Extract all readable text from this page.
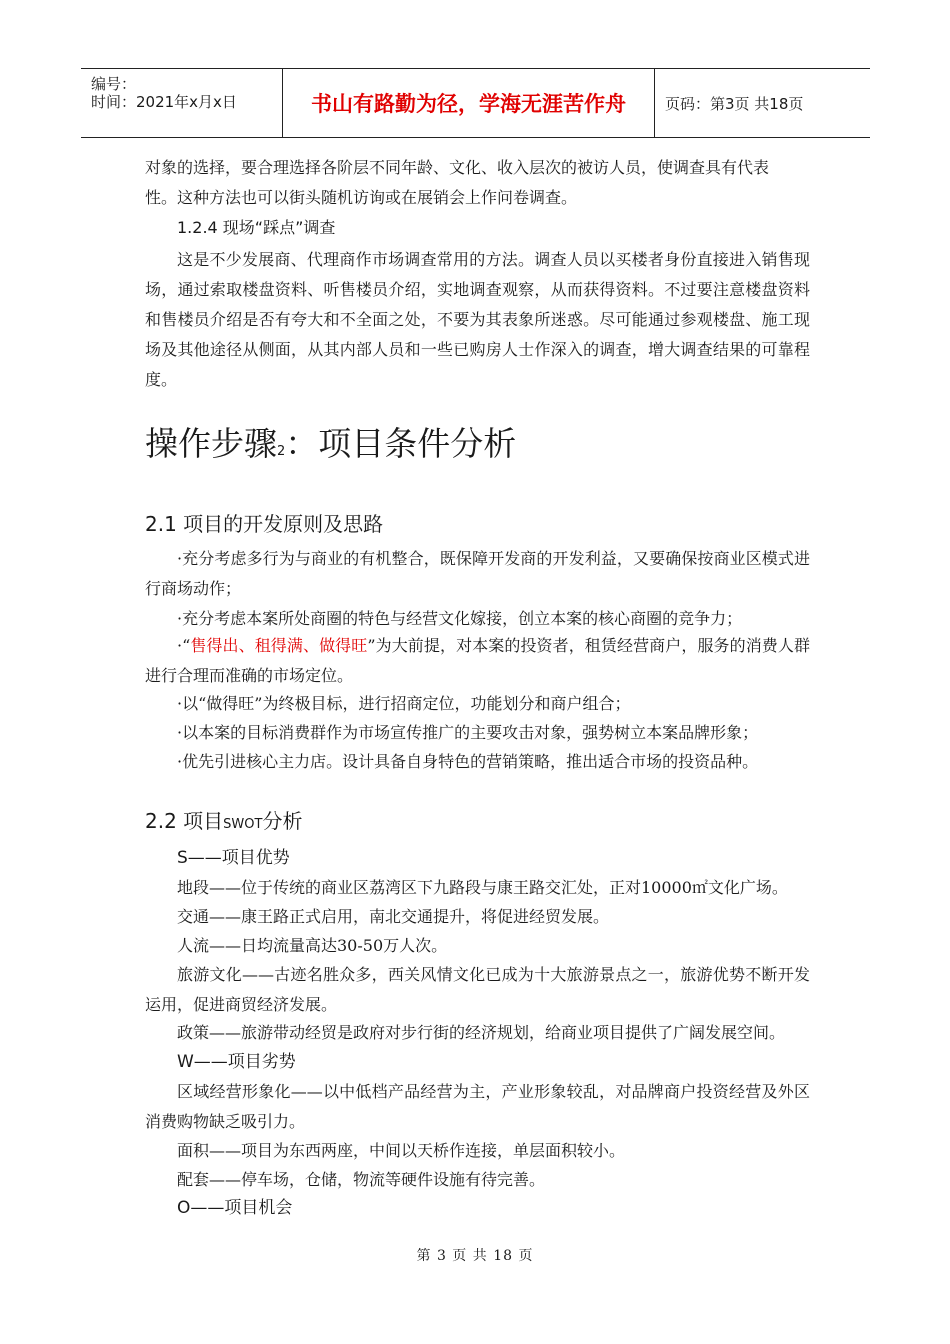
编号：
时间：2021年x月x日	书山有路勤为径，学海无涯苦作舟	页码：第3页 共18页
对象的选择，要合理选择各阶层不同年龄、文化、收入层次的被访人员，使调查具有代表
性。这种方法也可以街头随机访询或在展销会上作问卷调查。
1.2.4 现场“踩点”调查
这是不少发展商、代理商作市场调查常用的方法。调查人员以买楼者身份直接进入销售现场，通过索取楼盘资料、听售楼员介绍，实地调查观察，从而获得资料。不过要注意楼盘资料和售楼员介绍是否有夸大和不全面之处，不要为其表象所迷惑。尽可能通过参观楼盘、施工现场及其他途径从侧面，从其内部人员和一些已购房人士作深入的调查，增大调查结果的可靠程度。
操作步骤2：项目条件分析
2.1 项目的开发原则及思路
·充分考虑多行为与商业的有机整合，既保障开发商的开发利益，又要确保按商业区模式进行商场动作；
·充分考虑本案所处商圈的特色与经营文化嫁接，创立本案的核心商圈的竞争力；
·“售得出、租得满、做得旺”为大前提，对本案的投资者，租赁经营商户，服务的消费人群进行合理而准确的市场定位。
·以“做得旺”为终极目标，进行招商定位，功能划分和商户组合；
·以本案的目标消费群作为市场宣传推广的主要攻击对象，强势树立本案品牌形象；
·优先引进核心主力店。设计具备自身特色的营销策略，推出适合市场的投资品种。
2.2 项目SWOT分析
S——项目优势
地段——位于传统的商业区荔湾区下九路段与康王路交汇处，正对10000㎡文化广场。
交通——康王路正式启用，南北交通提升，将促进经贸发展。
人流——日均流量高达30-50万人次。
旅游文化——古迹名胜众多，西关风情文化已成为十大旅游景点之一，旅游优势不断开发运用，促进商贸经济发展。
政策——旅游带动经贸是政府对步行街的经济规划，给商业项目提供了广阔发展空间。
W——项目劣势
区域经营形象化——以中低档产品经营为主，产业形象较乱，对品牌商户投资经营及外区消费购物缺乏吸引力。
面积——项目为东西两座，中间以天桥作连接，单层面积较小。
配套——停车场，仓储，物流等硬件设施有待完善。
O——项目机会
第 3 页 共 18 页
